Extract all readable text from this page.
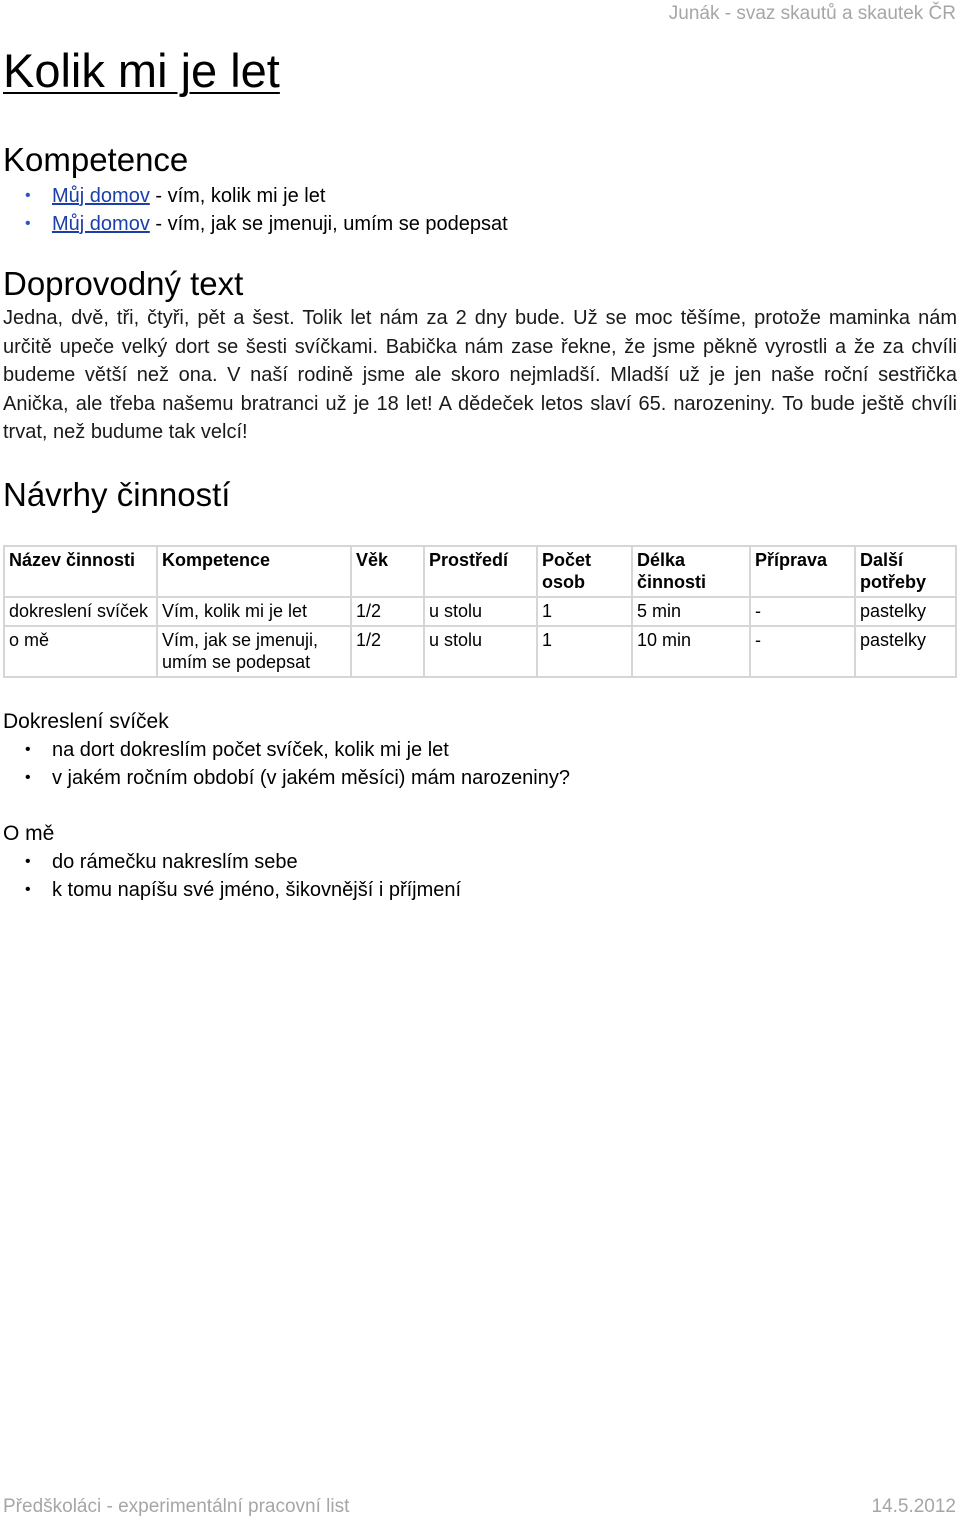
Junák - svaz skautů a skautek ČR
Kolik mi je let
Kompetence
• Můj domov - vím, kolik mi je let
• Můj domov - vím, jak se jmenuji, umím se podepsat
Doprovodný text

Jedna, dvě, tři, čtyři, pět a šest. Tolik let nám za 2 dny bude. Už se moc těšíme, protože maminka nám určitě upeče velký dort se šesti svíčkami. Babička nám zase řekne, že jsme pěkně vyrostli a že za chvíli budeme větší než ona. V naší rodině jsme ale skoro nejmladší. Mladší už je jen naše roční sestřička Anička, ale třeba našemu bratranci už je 18 let! A dědeček letos slaví 65. narozeniny. To bude ještě chvíli trvat, než budume tak velcí!

Návrhy činností
Název činnosti	Kompetence	Věk	Prostředí	Počet osob	Délka činnosti	Příprava	Další potřeby
dokreslení svíček	Vím, kolik mi je let	1/2	u stolu	1	5 min	-	pastelky
o mě	Vím, jak se jmenuji, umím se podepsat	1/2	u stolu	1	10 min	-	pastelky
Dokreslení svíček
• na dort dokreslím počet svíček, kolik mi je let
• v jakém ročním období (v jakém měsíci) mám narozeniny?
O mě
• do rámečku nakreslím sebe
• k tomu napíšu své jméno, šikovnější i příjmení
Předškoláci - experimentální pracovní list	14.5.2012
